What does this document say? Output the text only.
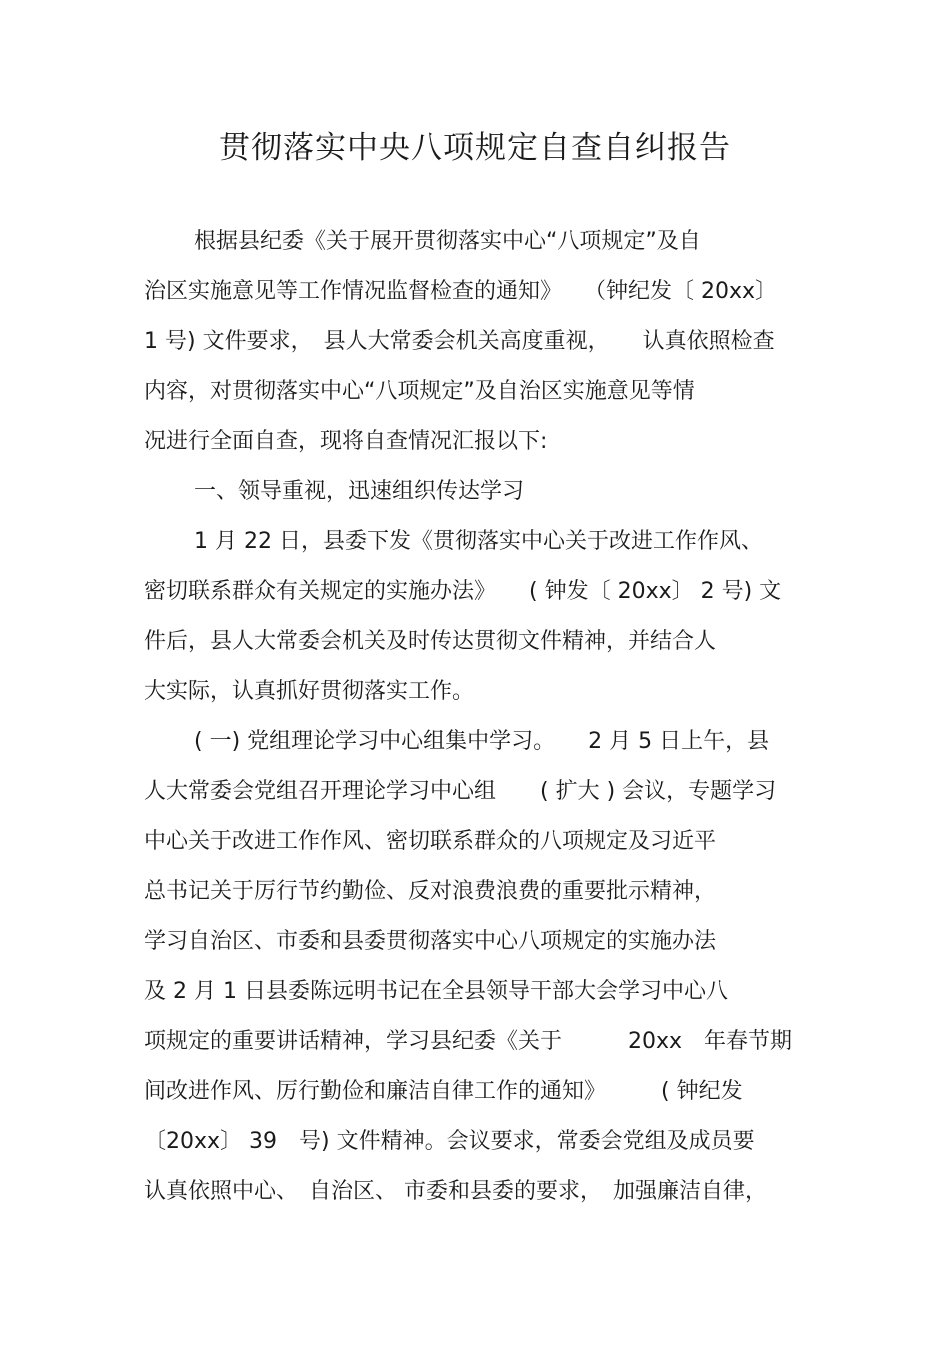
贯彻落实中央八项规定自查自纠报告
根据县纪委《关于展开贯彻落实中心“八项规定”及自
治区实施意见等工作情况监督检查的通知》　　（钟纪发〔 20xx〕
1 号) 文件要求，　县人大常委会机关高度重视，　　认真依照检查
内容，对贯彻落实中心“八项规定”及自治区实施意见等情
况进行全面自查，现将自查情况汇报以下:
一、领导重视，迅速组织传达学习
1 月 22 日，县委下发《贯彻落实中心关于改进工作作风、
密切联系群众有关规定的实施办法》　　( 钟发〔 20xx〕 2 号) 文
件后，县人大常委会机关及时传达贯彻文件精神，并结合人
大实际，认真抓好贯彻落实工作。
( 一) 党组理论学习中心组集中学习。　　2 月 5 日上午，县
人大常委会党组召开理论学习中心组　　( 扩大 ) 会议，专题学习
中心关于改进工作作风、密切联系群众的八项规定及习近平
总书记关于厉行节约勤俭、反对浪费浪费的重要批示精神，
学习自治区、市委和县委贯彻落实中心八项规定的实施办法
及 2 月 1 日县委陈远明书记在全县领导干部大会学习中心八
项规定的重要讲话精神，学习县纪委《关于　　　20xx　年春节期
间改进作风、厉行勤俭和廉洁自律工作的通知》　　　( 钟纪发
〔20xx〕 39　号) 文件精神。会议要求，常委会党组及成员要
认真依照中心、　自治区、 市委和县委的要求，　加强廉洁自律，
